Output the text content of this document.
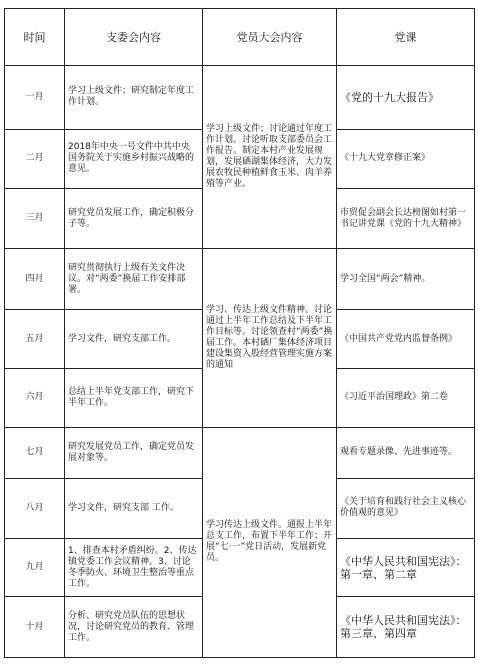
时间	支委会内容	党员大会内容	党课
一月	学习上级文件；研究制定年度工作计划。	学习上级文件；讨论通过年度工作计划。讨论听取支部委员会工作报告。制定本村产业发展规划，发展硒湖集体经济，大力发展农牧民种植鲜食玉米、肉羊养殖等产业。	《党的十九大报告》
二月	2018年中央一号文件中共中央 国务院关于实施乡村振兴战略的意见。		《十九大党章修正案》
三月	研究党员发展工作，确定积极分子等。		市贸促会副会长达榜图如村第一书记讲党课《党的十九大精神》
四月	研究贯彻执行上级有关文件决议。对“两委”换届工作安排部署。	学习、传达上级文件精神。讨论通过上半年工作总结及下半年工作目标等。讨论领查村“两委”换届工作。本村硒厂集体经济项目建设集资入股经营管理实施方案的通知	学习全国“两会”精神。
五月	学习文件，研究支部工作。		《中国共产党党内监督条例》
六月	总结上半年党支部工作，研究下半年工作。		《习近平治国理政》第二卷
七月	研究发展党员工作，确定党员发展对象等。	学习传达上级文件。通报上半年总支工作，布置下半年工作；开展“七·一”党日活动，发展新党员。	观看专题录像、先进事迹等。
八月	学习文件，研究支部 工作。		《关于培育和践行社会主义核心价值观的意见》
九月	1、排查本村矛盾纠纷。2、传达镇党委工作会议精神。3、讨论冬季防火、环境卫生整治等重点工作。		《中华人民共和国宪法》：第一章、第二章
十月	分析、研究党员队伍的思想状况，讨论研究党员的教育、管理工作。		《中华人民共和国宪法》：第三章、第四章
